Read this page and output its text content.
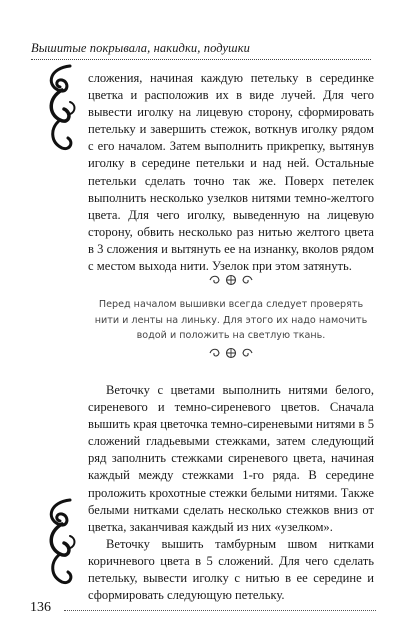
Вышитые покрывала, накидки, подушки

сложения, начиная каждую петельку в серединке цветка и расположив их в виде лучей. Для чего вывести иголку на лицевую сторону, сформировать петельку и завершить стежок, воткнув иголку рядом с его началом. Затем выполнить прикрепку, вытянув иголку в середине петельки и над ней. Остальные петельки сделать точно так же. Поверх петелек выполнить несколько узелков нитями темно-желтого цвета. Для чего иголку, выведенную на лицевую сторону, обвить несколько раз нитью желтого цвета в 3 сложения и вытянуть ее на изнанку, вколов рядом с местом выхода нити. Узелок при этом затянуть.

Перед началом вышивки всегда следует проверять нити и ленты на линьку. Для этого их надо намочить водой и положить на светлую ткань.

Веточку с цветами выполнить нитями белого, сиреневого и темно-сиреневого цветов. Сначала вышить края цветочка темно-сиреневыми нитями в 5 сложений гладьевыми стежками, затем следующий ряд заполнить стежками сиреневого цвета, начиная каждый между стежками 1-го ряда. В середине проложить крохотные стежки белыми нитями. Также белыми нитками сделать несколько стежков вниз от цветка, заканчивая каждый из них «узелком».

Веточку вышить тамбурным швом нитками коричневого цвета в 5 сложений. Для чего сделать петельку, вывести иголку с нитью в ее середине и сформировать следующую петельку.

136
